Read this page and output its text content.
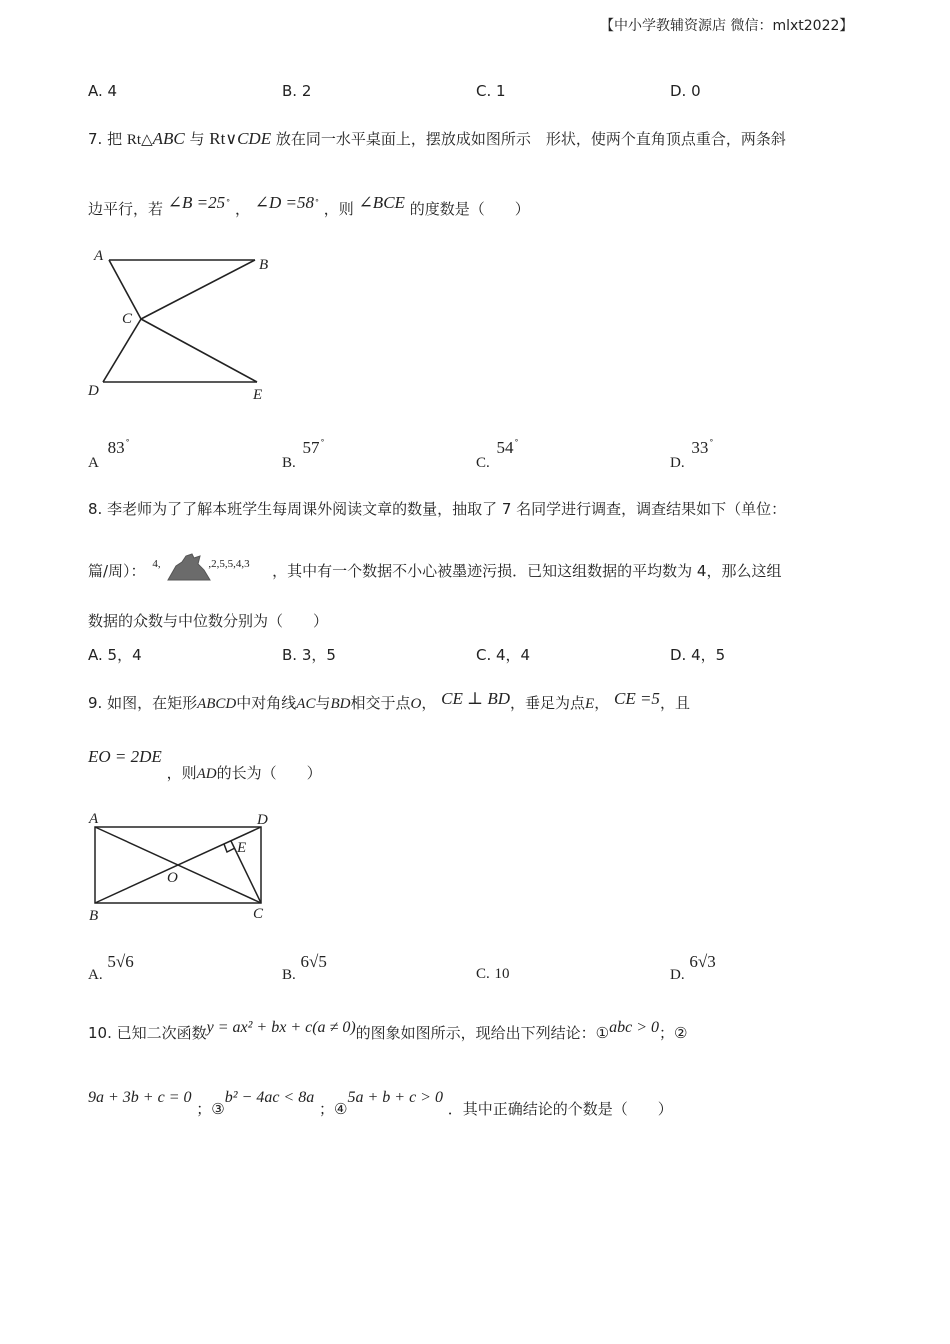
【中小学教辅资源店 微信：mlxt2022】
A. 4	B. 2	C. 1	D. 0
7. 把 Rt△ABC 与 Rt∨CDE 放在同一水平桌面上，摆放成如图所示　形状，使两个直角顶点重合，两条斜
边平行，若 ∠B =25° ， ∠D =58° ，则 ∠BCE 的度数是（　　）
A
B
C
D	E
A 83°
B. 57°
C. 54°
D. 33°
8. 李老师为了了解本班学生每周课外阅读文章的数量，抽取了 7 名同学进行调查，调查结果如下（单位：
篇/周）： 4,	,2,5,5,4,3 ，其中有一个数据不小心被墨迹污损．已知这组数据的平均数为 4，那么这组
数据的众数与中位数分别为（　　）
A. 5，4	B. 3，5	C. 4，4	D. 4，5
9. 如图，在矩形ABCD中对角线AC与BD相交于点O， CE ⊥ BD，垂足为点E， CE =5，且
EO = 2DE ，则AD的长为（　　）
A	D
E
O
B	C
A. 5√6
B. 6√5
C. 10	D. 6√3
10. 已知二次函数y = ax² + bx + c(a ≠ 0)的图象如图所示，现给出下列结论：①abc > 0；②
9a + 3b + c = 0 ；③b² − 4ac < 8a ；④5a + b + c > 0 ．其中正确结论的个数是（　　）
